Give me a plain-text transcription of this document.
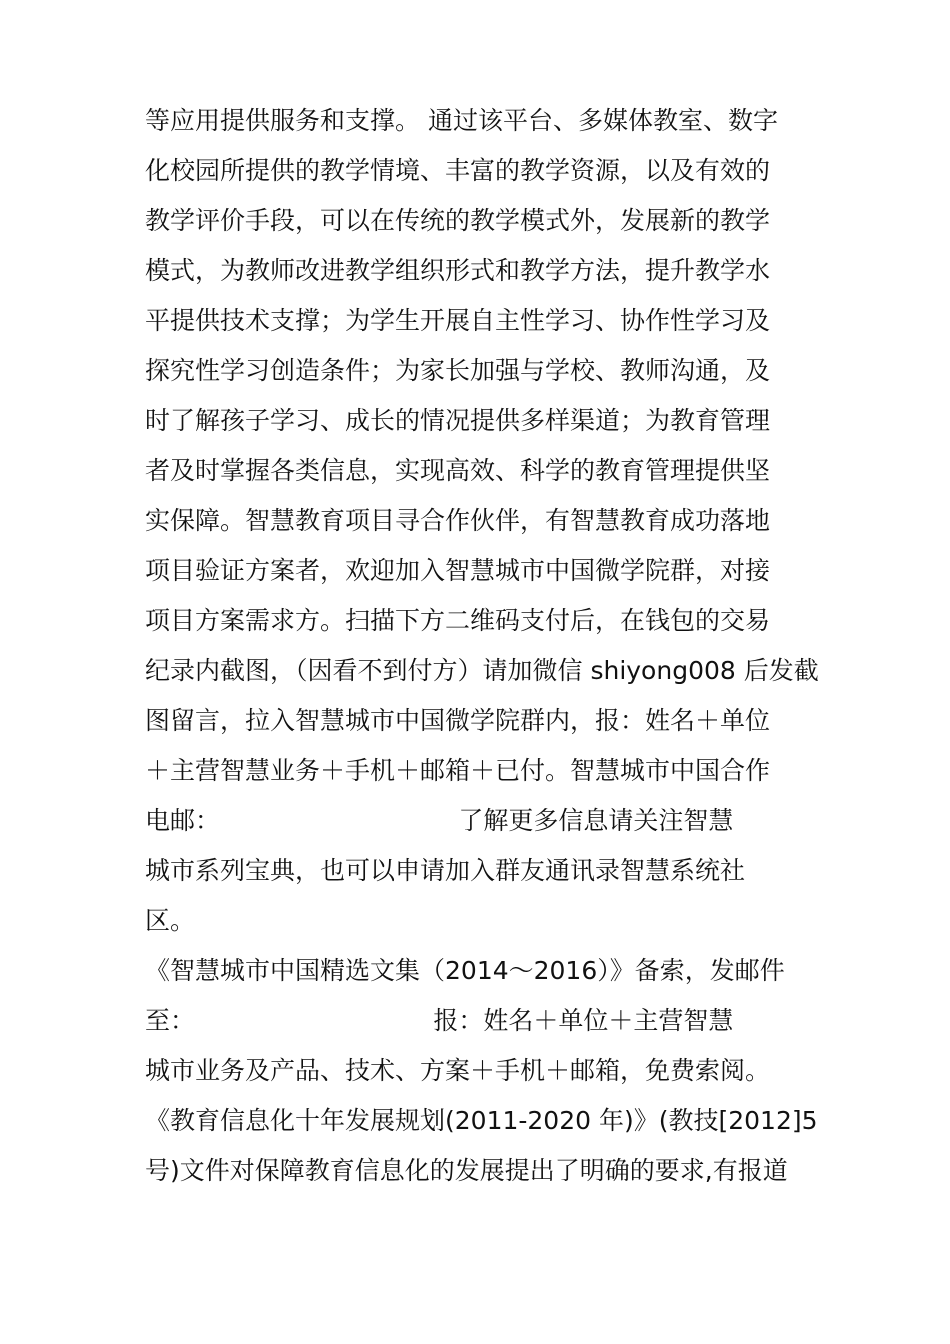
等应用提供服务和支撑。 通过该平台、多媒体教室、数字
化校园所提供的教学情境、丰富的教学资源，以及有效的
教学评价手段，可以在传统的教学模式外，发展新的教学
模式，为教师改进教学组织形式和教学方法，提升教学水
平提供技术支撑；为学生开展自主性学习、协作性学习及
探究性学习创造条件；为家长加强与学校、教师沟通，及
时了解孩子学习、成长的情况提供多样渠道；为教育管理
者及时掌握各类信息，实现高效、科学的教育管理提供坚
实保障。智慧教育项目寻合作伙伴，有智慧教育成功落地
项目验证方案者，欢迎加入智慧城市中国微学院群，对接
项目方案需求方。扫描下方二维码支付后，在钱包的交易
纪录内截图，（因看不到付方）请加微信 shiyong008 后发截
图留言，拉入智慧城市中国微学院群内，报：姓名＋单位
＋主营智慧业务＋手机＋邮箱＋已付。智慧城市中国合作
电邮：                              了解更多信息请关注智慧
城市系列宝典，也可以申请加入群友通讯录智慧系统社
区。
《智慧城市中国精选文集（2014～2016）》备索，发邮件
至：                              报：姓名＋单位＋主营智慧
城市业务及产品、技术、方案＋手机＋邮箱，免费索阅。
《教育信息化十年发展规划(2011-2020 年)》(教技[2012]5
号)文件对保障教育信息化的发展提出了明确的要求,有报道
